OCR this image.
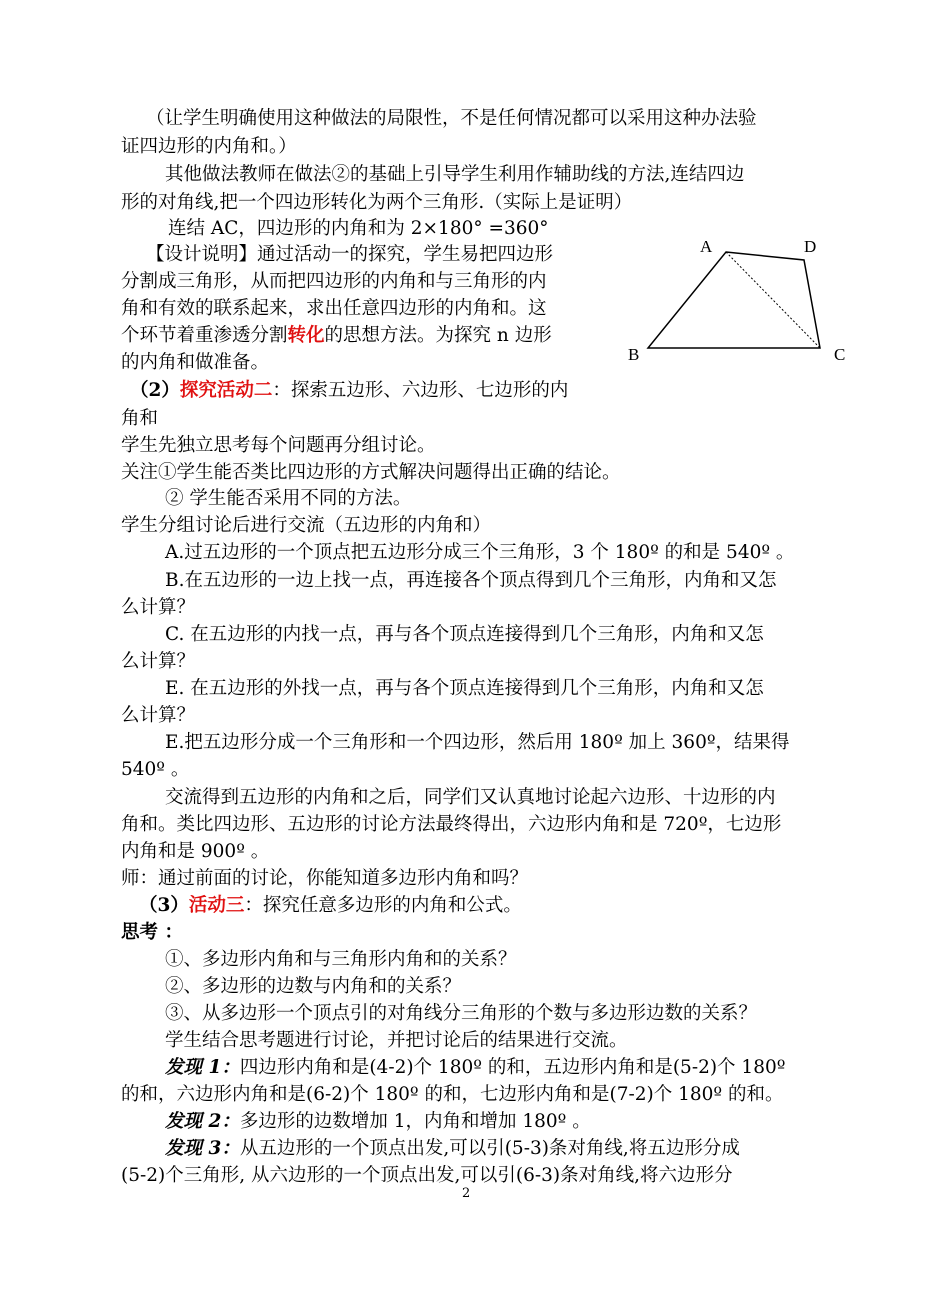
（让学生明确使用这种做法的局限性，不是任何情况都可以采用这种办法验
证四边形的内角和。）
其他做法教师在做法②的基础上引导学生利用作辅助线的方法,连结四边
形的对角线,把一个四边形转化为两个三角形.（实际上是证明）
连结 AC，四边形的内角和为 2×180° =360°
【设计说明】通过活动一的探究，学生易把四边形
分割成三角形，从而把四边形的内角和与三角形的内
角和有效的联系起来，求出任意四边形的内角和。这
个环节着重渗透分割转化的思想方法。为探究 n 边形
的内角和做准备。
（2）探究活动二：探索五边形、六边形、七边形的内
角和
学生先独立思考每个问题再分组讨论。
关注①学生能否类比四边形的方式解决问题得出正确的结论。
② 学生能否采用不同的方法。
学生分组讨论后进行交流（五边形的内角和）
A.过五边形的一个顶点把五边形分成三个三角形，3 个 180º 的和是 540º 。
B.在五边形的一边上找一点，再连接各个顶点得到几个三角形，内角和又怎
么计算？
C. 在五边形的内找一点，再与各个顶点连接得到几个三角形，内角和又怎
么计算？
E. 在五边形的外找一点，再与各个顶点连接得到几个三角形，内角和又怎
么计算？
E.把五边形分成一个三角形和一个四边形，然后用 180º 加上 360º，结果得
540º 。
交流得到五边形的内角和之后，同学们又认真地讨论起六边形、十边形的内
角和。类比四边形、五边形的讨论方法最终得出，六边形内角和是 720º，七边形
内角和是 900º 。
师：通过前面的讨论，你能知道多边形内角和吗？
（3）活动三：探究任意多边形的内角和公式。
思考 ：
①、多边形内角和与三角形内角和的关系？
②、多边形的边数与内角和的关系？
③、从多边形一个顶点引的对角线分三角形的个数与多边形边数的关系？
学生结合思考题进行讨论，并把讨论后的结果进行交流。
发现 1：四边形内角和是(4-2)个 180º 的和，五边形内角和是(5-2)个 180º
的和，六边形内角和是(6-2)个 180º 的和，七边形内角和是(7-2)个 180º 的和。
发现 2：多边形的边数增加 1，内角和增加 180º 。
发现 3：从五边形的一个顶点出发,可以引(5-3)条对角线,将五边形分成
(5-2)个三角形, 从六边形的一个顶点出发,可以引(6-3)条对角线,将六边形分
A	D
B	C
2
